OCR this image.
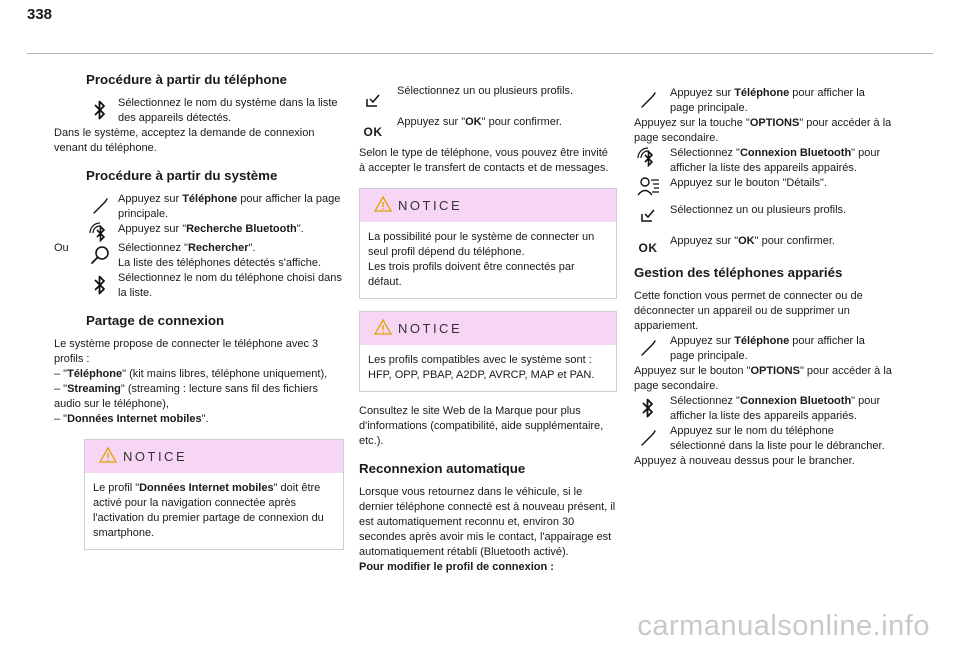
338
Procédure à partir du téléphone
Sélectionnez le nom du système dans la liste des appareils détectés.

Dans le système, acceptez la demande de connexion venant du téléphone.

Procédure à partir du système
Appuyez sur Téléphone pour afficher la page principale.
Appuyez sur "Recherche Bluetooth".

Ou	Sélectionnez "Rechercher".
La liste des téléphones détectés s'affiche.
Sélectionnez le nom du téléphone choisi dans la liste.
Partage de connexion

Le système propose de connecter le téléphone avec 3 profils :

– "Téléphone" (kit mains libres, téléphone uniquement),

– "Streaming" (streaming : lecture sans fil des fichiers audio sur le téléphone),

– "Données Internet mobiles".

NOTICE
Le profil "Données Internet mobiles" doit être activé pour la navigation connectée après l'activation du premier partage de connexion du smartphone.
Sélectionnez un ou plusieurs profils.
OK
Appuyez sur "OK" pour confirmer.

Selon le type de téléphone, vous pouvez être invité à accepter le transfert de contacts et de messages.

NOTICE
La possibilité pour le système de connecter un seul profil dépend du téléphone.
Les trois profils doivent être connectés par défaut.
NOTICE
Les profils compatibles avec le système sont : HFP, OPP, PBAP, A2DP, AVRCP, MAP et PAN.

Consultez le site Web de la Marque pour plus d'informations (compatibilité, aide supplémentaire, etc.).

Reconnexion automatique

Lorsque vous retournez dans le véhicule, si le dernier téléphone connecté est à nouveau présent, il est automatiquement reconnu et, environ 30 secondes après avoir mis le contact, l'appairage est automatiquement rétabli (Bluetooth activé).

Pour modifier le profil de connexion :

Appuyez sur Téléphone pour afficher la page principale.

Appuyez sur la touche "OPTIONS" pour accéder à la page secondaire.

Sélectionnez "Connexion Bluetooth" pour afficher la liste des appareils appairés.

Appuyez sur le bouton "Détails".
Sélectionnez un ou plusieurs profils.
OK	Appuyez sur "OK" pour confirmer.
Gestion des téléphones appariés

Cette fonction vous permet de connecter ou de déconnecter un appareil ou de supprimer un appariement.

Appuyez sur Téléphone pour afficher la page principale.

Appuyez sur le bouton "OPTIONS" pour accéder à la page secondaire.

Sélectionnez "Connexion Bluetooth" pour afficher la liste des appareils appariés.
Appuyez sur le nom du téléphone sélectionné dans la liste pour le débrancher.

Appuyez à nouveau dessus pour le brancher.

carmanualsonline.info
